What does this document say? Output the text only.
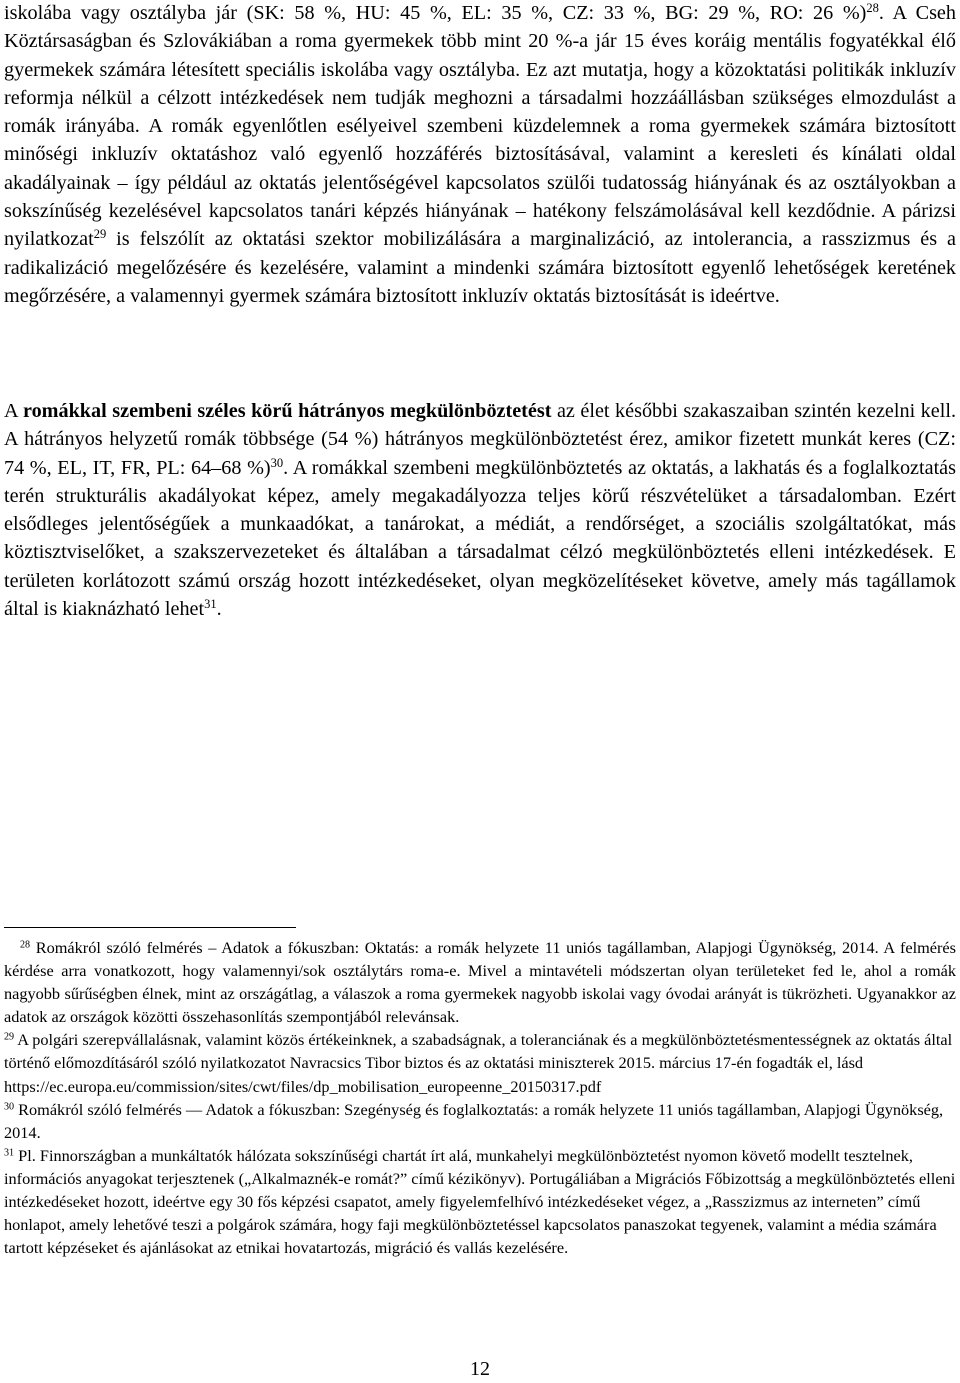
iskolába vagy osztályba jár (SK: 58 %, HU: 45 %, EL: 35 %, CZ: 33 %, BG: 29 %, RO: 26 %)$^{28}$. A Cseh Köztársaságban és Szlovákiában a roma gyermekek több mint 20 %-a jár 15 éves koráig mentális fogyatékkal élő gyermekek számára létesített speciális iskolába vagy osztályba. Ez azt mutatja, hogy a közoktatási politikák inkluzív reformja nélkül a célzott intézkedések nem tudják meghozni a társadalmi hozzáállásban szükséges elmozdulást a romák irányába. A romák egyenlőtlen esélyeivel szembeni küzdelemnek a roma gyermekek számára biztosított minőségi inkluzív oktatáshoz való egyenlő hozzáférés biztosításával, valamint a keresleti és kínálati oldal akadályainak – így például az oktatás jelentőségével kapcsolatos szülői tudatosság hiányának és az osztályokban a sokszínűség kezelésével kapcsolatos tanári képzés hiányának – hatékony felszámolásával kell kezdődnie. A párizsi nyilatkozat$^{29}$ is felszólít az oktatási szektor mobilizálására a marginalizáció, az intolerancia, a rasszizmus és a radikalizáció megelőzésére és kezelésére, valamint a mindenki számára biztosított egyenlő lehetőségek keretének megőrzésére, a valamennyi gyermek számára biztosított inkluzív oktatás biztosítását is ideértve.

A romákkal szembeni széles körű hátrányos megkülönböztetést az élet későbbi szakaszaiban szintén kezelni kell. A hátrányos helyzetű romák többsége (54 %) hátrányos megkülönböztetést érez, amikor fizetett munkát keres (CZ: 74 %, EL, IT, FR, PL: 64–68 %)$^{30}$. A romákkal szembeni megkülönböztetés az oktatás, a lakhatás és a foglalkoztatás terén strukturális akadályokat képez, amely megakadályozza teljes körű részvételüket a társadalomban. Ezért elsődleges jelentőségűek a munkaadókat, a tanárokat, a médiát, a rendőrséget, a szociális szolgáltatókat, más köztisztviselőket, a szakszervezeteket és általában a társadalmat célzó megkülönböztetés elleni intézkedések. E területen korlátozott számú ország hozott intézkedéseket, olyan megközelítéseket követve, amely más tagállamok által is kiaknázható lehet$^{31}$.

$^{28}$ Romákról szóló felmérés – Adatok a fókuszban: Oktatás: a romák helyzete 11 uniós tagállamban, Alapjogi Ügynökség, 2014. A felmérés kérdése arra vonatkozott, hogy valamennyi/sok osztálytárs roma-e. Mivel a mintavételi módszertan olyan területeket fed le, ahol a romák nagyobb sűrűségben élnek, mint az országátlag, a válaszok a roma gyermekek nagyobb iskolai vagy óvodai arányát is tükrözheti. Ugyanakkor az adatok az országok közötti összehasonlítás szempontjából relevánsak.

$^{29}$ A polgári szerepvállalásnak, valamint közös értékeinknek, a szabadságnak, a toleranciának és a megkülönböztetésmentességnek az oktatás által történő előmozdításáról szóló nyilatkozatot Navracsics Tibor biztos és az oktatási miniszterek 2015. március 17-én fogadták el, lásd https://ec.europa.eu/commission/sites/cwt/files/dp_mobilisation_europeenne_20150317.pdf

$^{30}$ Romákról szóló felmérés — Adatok a fókuszban: Szegénység és foglalkoztatás: a romák helyzete 11 uniós tagállamban, Alapjogi Ügynökség, 2014.

$^{31}$ Pl. Finnországban a munkáltatók hálózata sokszínűségi chartát írt alá, munkahelyi megkülönböztetést nyomon követő modellt tesztelnek, információs anyagokat terjesztenek („Alkalmaznék-e romát?” című kézikönyv). Portugáliában a Migrációs Főbizottság a megkülönböztetés elleni intézkedéseket hozott, ideértve egy 30 fős képzési csapatot, amely figyelemfelhívó intézkedéseket végez, a „Rasszizmus az interneten” című honlapot, amely lehetővé teszi a polgárok számára, hogy faji megkülönböztetéssel kapcsolatos panaszokat tegyenek, valamint a média számára tartott képzéseket és ajánlásokat az etnikai hovatartozás, migráció és vallás kezelésére.

12
